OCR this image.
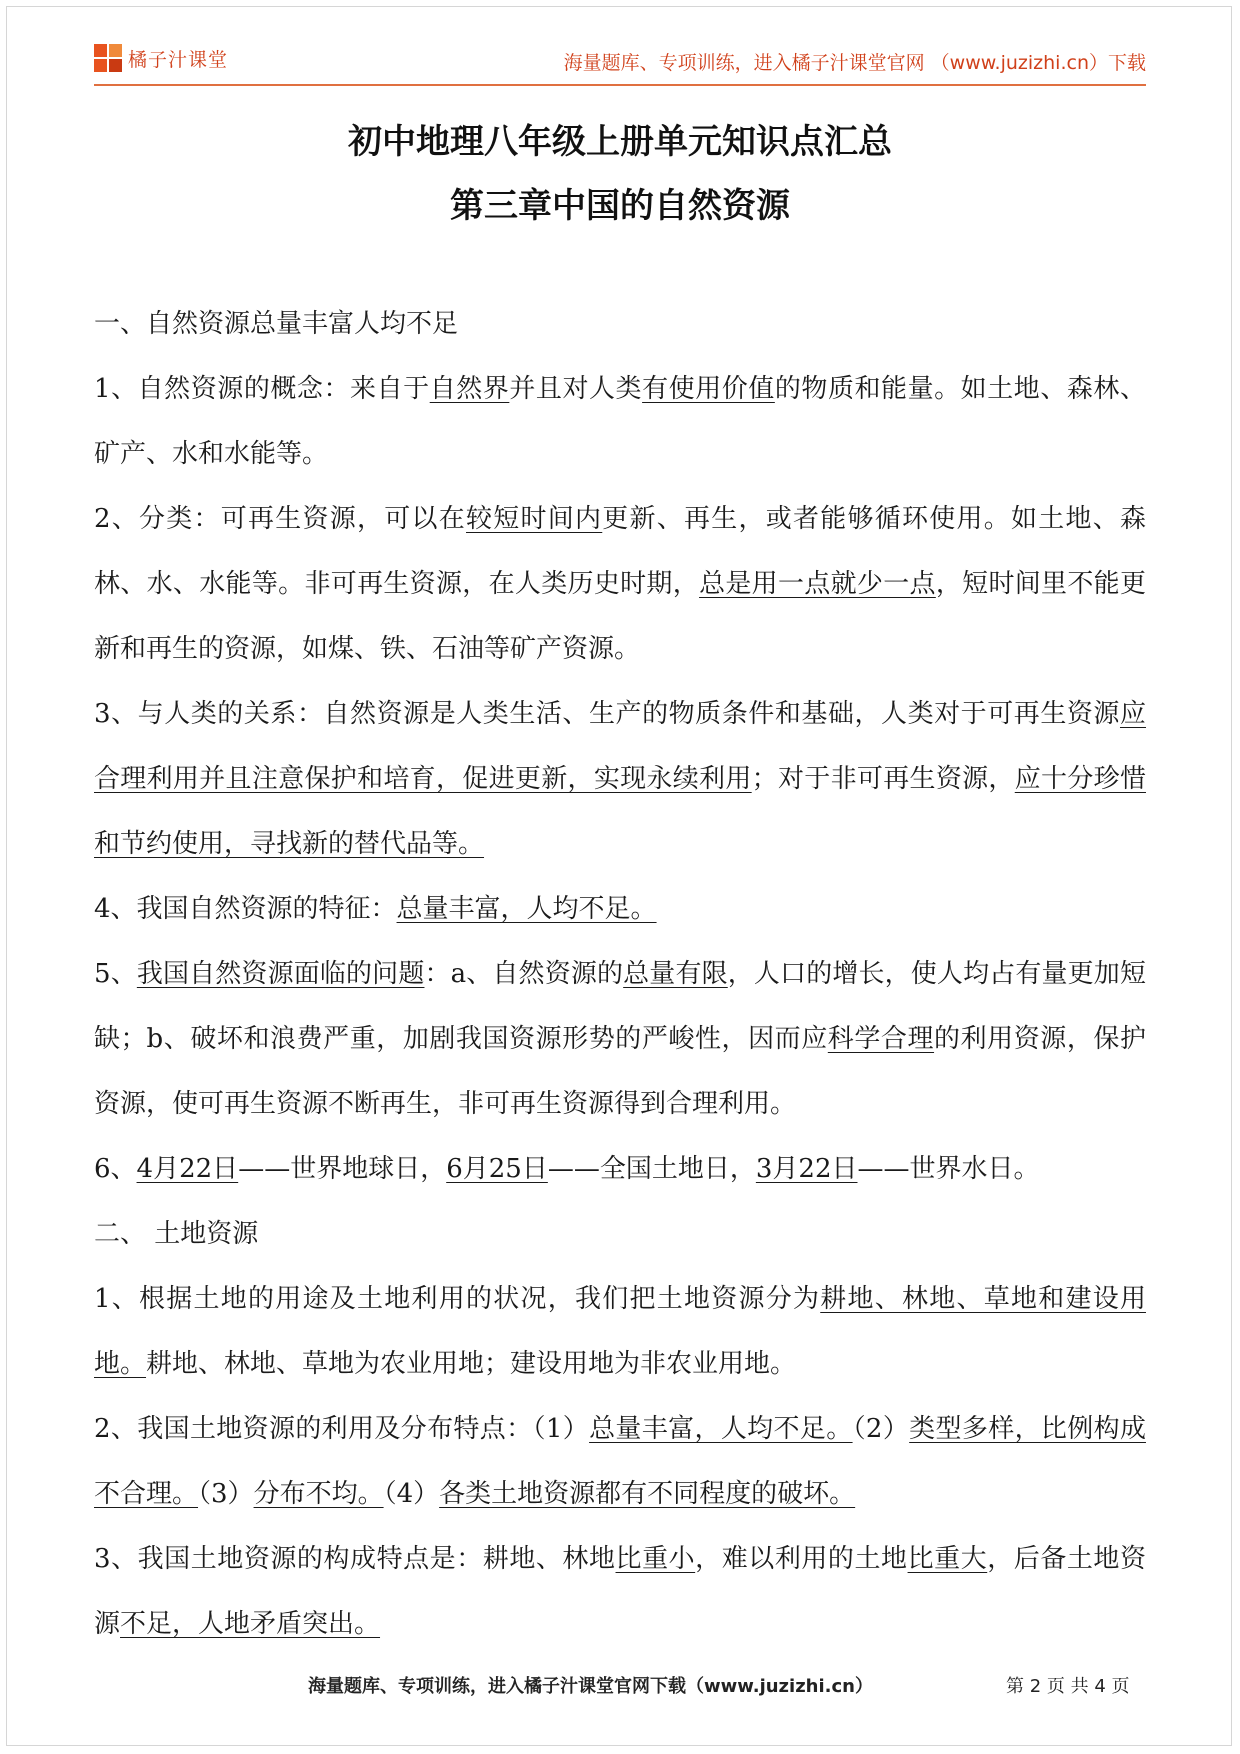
橘子汁课堂	海量题库、专项训练，进入橘子汁课堂官网 （www.juzizhi.cn）下载
初中地理八年级上册单元知识点汇总
第三章中国的自然资源

一、自然资源总量丰富人均不足

1、自然资源的概念：来自于自然界并且对人类有使用价值的物质和能量。如土地、森林、矿产、水和水能等。

2、分类：可再生资源，可以在较短时间内更新、再生，或者能够循环使用。如土地、森林、水、水能等。非可再生资源，在人类历史时期，总是用一点就少一点，短时间里不能更新和再生的资源，如煤、铁、石油等矿产资源。

3、与人类的关系：自然资源是人类生活、生产的物质条件和基础，人类对于可再生资源应合理利用并且注意保护和培育，促进更新，实现永续利用；对于非可再生资源，应十分珍惜和节约使用，寻找新的替代品等。

4、我国自然资源的特征：总量丰富，人均不足。

5、我国自然资源面临的问题：a、自然资源的总量有限，人口的增长，使人均占有量更加短缺；b、破坏和浪费严重，加剧我国资源形势的严峻性，因而应科学合理的利用资源，保护资源，使可再生资源不断再生，非可再生资源得到合理利用。

6、4月22日——世界地球日，6月25日——全国土地日，3月22日——世界水日。

二、 土地资源

1、根据土地的用途及土地利用的状况，我们把土地资源分为耕地、林地、草地和建设用地。耕地、林地、草地为农业用地；建设用地为非农业用地。

2、我国土地资源的利用及分布特点：（1）总量丰富，人均不足。（2）类型多样，比例构成不合理。（3）分布不均。（4）各类土地资源都有不同程度的破坏。

3、我国土地资源的构成特点是：耕地、林地比重小，难以利用的土地比重大，后备土地资源不足，人地矛盾突出。

海量题库、专项训练，进入橘子汁课堂官网下载（www.juzizhi.cn）	第 2 页 共 4 页
